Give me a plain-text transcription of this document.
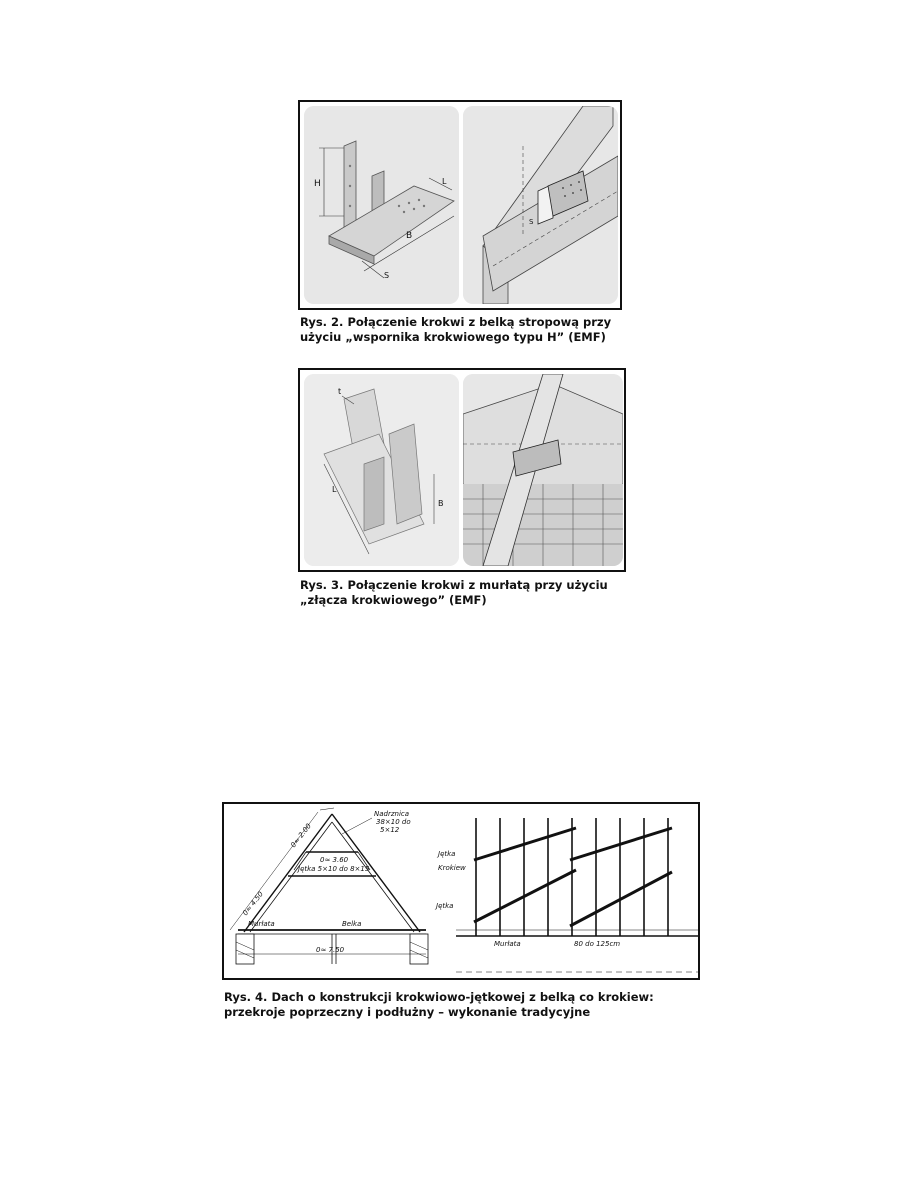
H
B
S
L
S
Rys. 2. Połączenie krokwi z belką stropową przy użyciu „wspornika krokwiowego typu H” (EMF)
t
L
B
Rys. 3. Połączenie krokwi z murłatą przy użyciu „złącza krokwiowego” (EMF)
0≈ 2.00
0≈ 4.50
0≈ 3.60
Jętka 5×10 do 8×15
Murłata	Belka
0≈ 7.50
Nadrznica
38×10 do
5×12
Jętka
Krokiew
Jętka
Murłata	80 do 125cm
Rys. 4. Dach o konstrukcji krokwiowo-jętkowej z belką co krokiew: przekroje poprzeczny i podłużny – wykonanie tradycyjne
